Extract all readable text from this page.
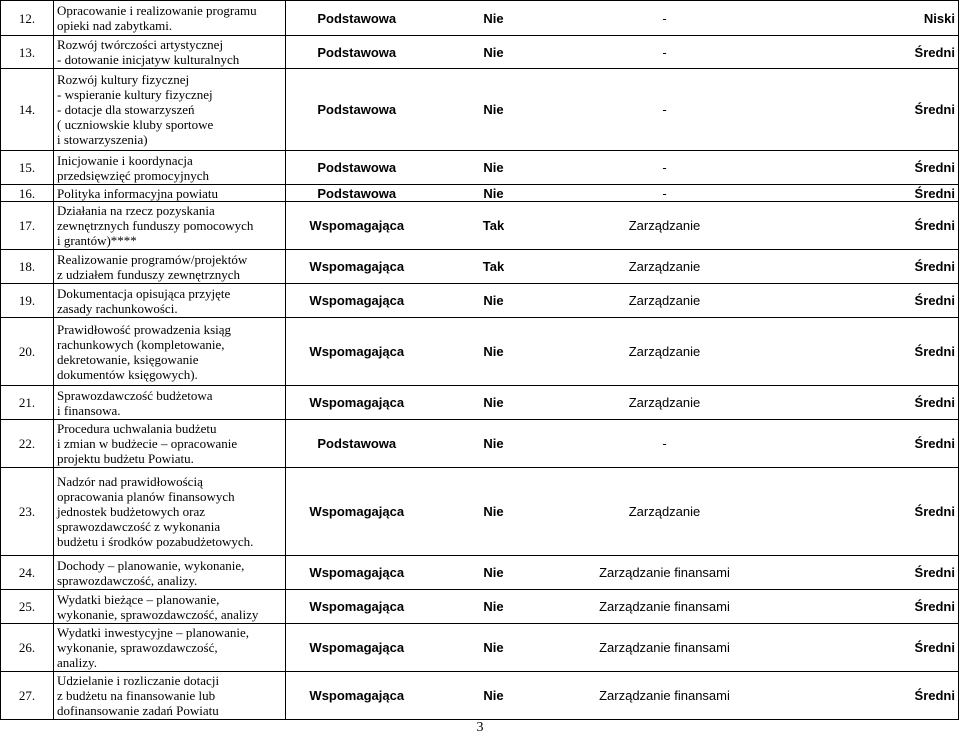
12.	Opracowanie i realizowanie programu
opieki nad zabytkami.	Podstawowa	Nie	-	Niski
13.	Rozwój twórczości artystycznej
- dotowanie inicjatyw kulturalnych	Podstawowa	Nie	-	Średni
14.	Rozwój kultury fizycznej
- wspieranie kultury fizycznej
- dotacje dla stowarzyszeń
( uczniowskie kluby sportowe
i stowarzyszenia)	Podstawowa	Nie	-	Średni
15.	Inicjowanie i koordynacja
przedsięwzięć promocyjnych	Podstawowa	Nie	-	Średni
16.	Polityka informacyjna powiatu	Podstawowa	Nie	-	Średni
17.	Działania na rzecz pozyskania
zewnętrznych funduszy pomocowych
i grantów)****	Wspomagająca	Tak	Zarządzanie	Średni
18.	Realizowanie programów/projektów
z udziałem funduszy zewnętrznych	Wspomagająca	Tak	Zarządzanie	Średni
19.	Dokumentacja opisująca przyjęte
zasady rachunkowości.	Wspomagająca	Nie	Zarządzanie	Średni
20.	Prawidłowość prowadzenia ksiąg
rachunkowych (kompletowanie,
dekretowanie, księgowanie
dokumentów księgowych).	Wspomagająca	Nie	Zarządzanie	Średni
21.	Sprawozdawczość budżetowa
i finansowa.	Wspomagająca	Nie	Zarządzanie	Średni
22.	Procedura uchwalania budżetu
i zmian w budżecie – opracowanie
projektu budżetu Powiatu.	Podstawowa	Nie	-	Średni
23.	Nadzór nad prawidłowością
opracowania planów finansowych
jednostek budżetowych oraz
sprawozdawczość z wykonania
budżetu i środków pozabudżetowych.	Wspomagająca	Nie	Zarządzanie	Średni
24.	Dochody – planowanie, wykonanie,
sprawozdawczość, analizy.	Wspomagająca	Nie	Zarządzanie finansami	Średni
25.	Wydatki bieżące – planowanie,
wykonanie, sprawozdawczość, analizy	Wspomagająca	Nie	Zarządzanie finansami	Średni
26.	Wydatki inwestycyjne – planowanie,
wykonanie, sprawozdawczość,
analizy.	Wspomagająca	Nie	Zarządzanie finansami	Średni
27.	Udzielanie i rozliczanie dotacji
z budżetu na finansowanie lub
dofinansowanie zadań Powiatu	Wspomagająca	Nie	Zarządzanie finansami	Średni
3
